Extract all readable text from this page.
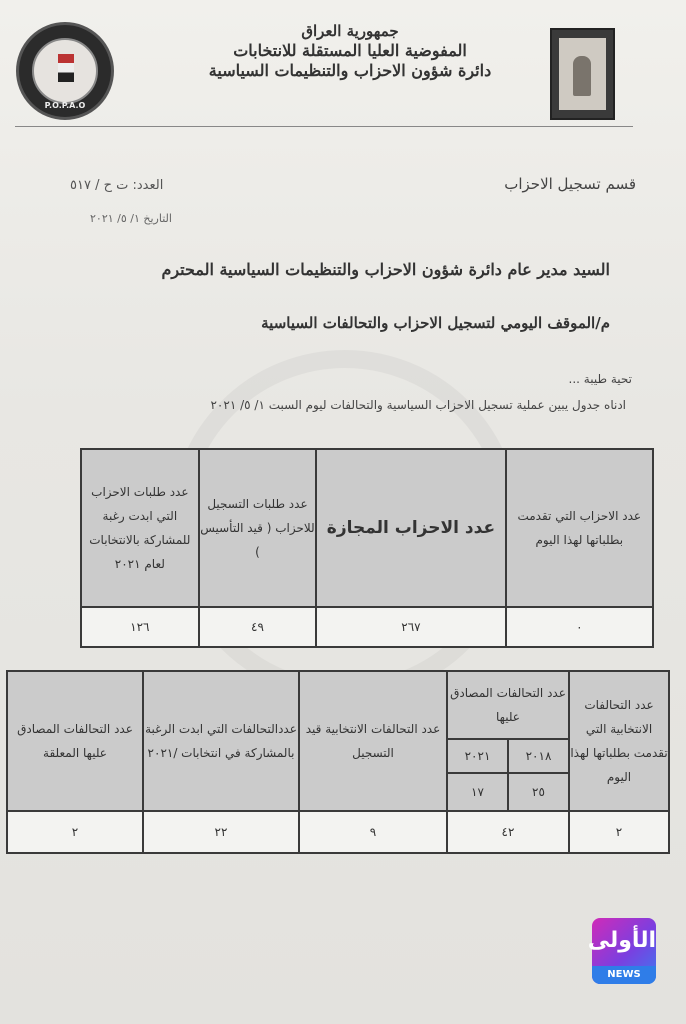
P.O.P.A.O
جمهورية العراق
المفوضية العليا المستقلة للانتخابات
دائرة شؤون الاحزاب والتنظيمات السياسية
قسم تسجيل الاحزاب
العدد: ت ح / ٥١٧
التاريخ ١/ ٥/ ٢٠٢١
السيد مدير عام دائرة شؤون الاحزاب والتنظيمات السياسية المحترم
م/الموقف اليومي لتسجيل الاحزاب والتحالفات السياسية
تحية طيبة ...
ادناه جدول يبين عملية تسجيل الاحزاب السياسية والتحالفات ليوم السبت ١/ ٥/ ٢٠٢١
عدد الاحزاب التي تقدمت بطلباتها لهذا اليوم	عدد الاحزاب المجازة	عدد طلبات التسجيل للاحزاب ( قيد التأسيس )	عدد طلبات الاحزاب التي ابدت رغبة للمشاركة بالانتخابات لعام ٢٠٢١
٠	٢٦٧	٤٩	١٢٦
عدد التحالفات الانتخابية التي تقدمت بطلباتها لهذا اليوم	عدد التحالفات المصادق عليها		عدد التحالفات الانتخابية قيد التسجيل	عددالتحالفات التي ابدت الرغبة بالمشاركة في انتخابات /٢٠٢١	عدد التحالفات المصادق عليها المعلقة
	٢٠١٨	٢٠٢١			
	٢٥	١٧			
٢	٤٢		٩	٢٢	٢
الأولى
NEWS
